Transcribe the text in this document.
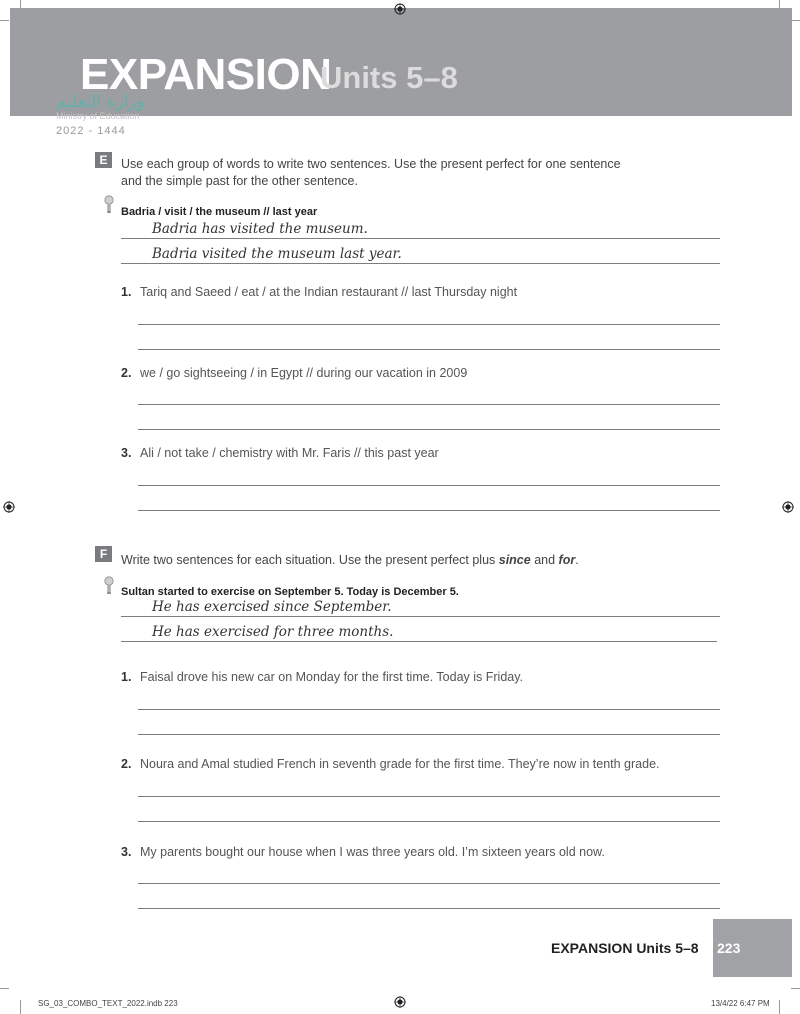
EXPANSION
Units 5–8
وزارة التعليم
Ministry of Education
2022 - 1444
E	Use each group of words to write two sentences. Use the present perfect for one sentence
and the simple past for the other sentence.
Badria / visit / the museum // last year
Badria has visited the museum.
Badria visited the museum last year.
1. Tariq and Saeed / eat / at the Indian restaurant // last Thursday night
2. we / go sightseeing / in Egypt // during our vacation in 2009
3. Ali / not take / chemistry with Mr. Faris // this past year
F	Write two sentences for each situation. Use the present perfect plus since and for.
Sultan started to exercise on September 5. Today is December 5.
He has exercised since September.
He has exercised for three months.
1. Faisal drove his new car on Monday for the first time. Today is Friday.
2. Noura and Amal studied French in seventh grade for the first time. They’re now in tenth grade.
3. My parents bought our house when I was three years old. I’m sixteen years old now.
EXPANSION Units 5–8 223
SG_03_COMBO_TEXT_2022.indb 223	13/4/22 6:47 PM
